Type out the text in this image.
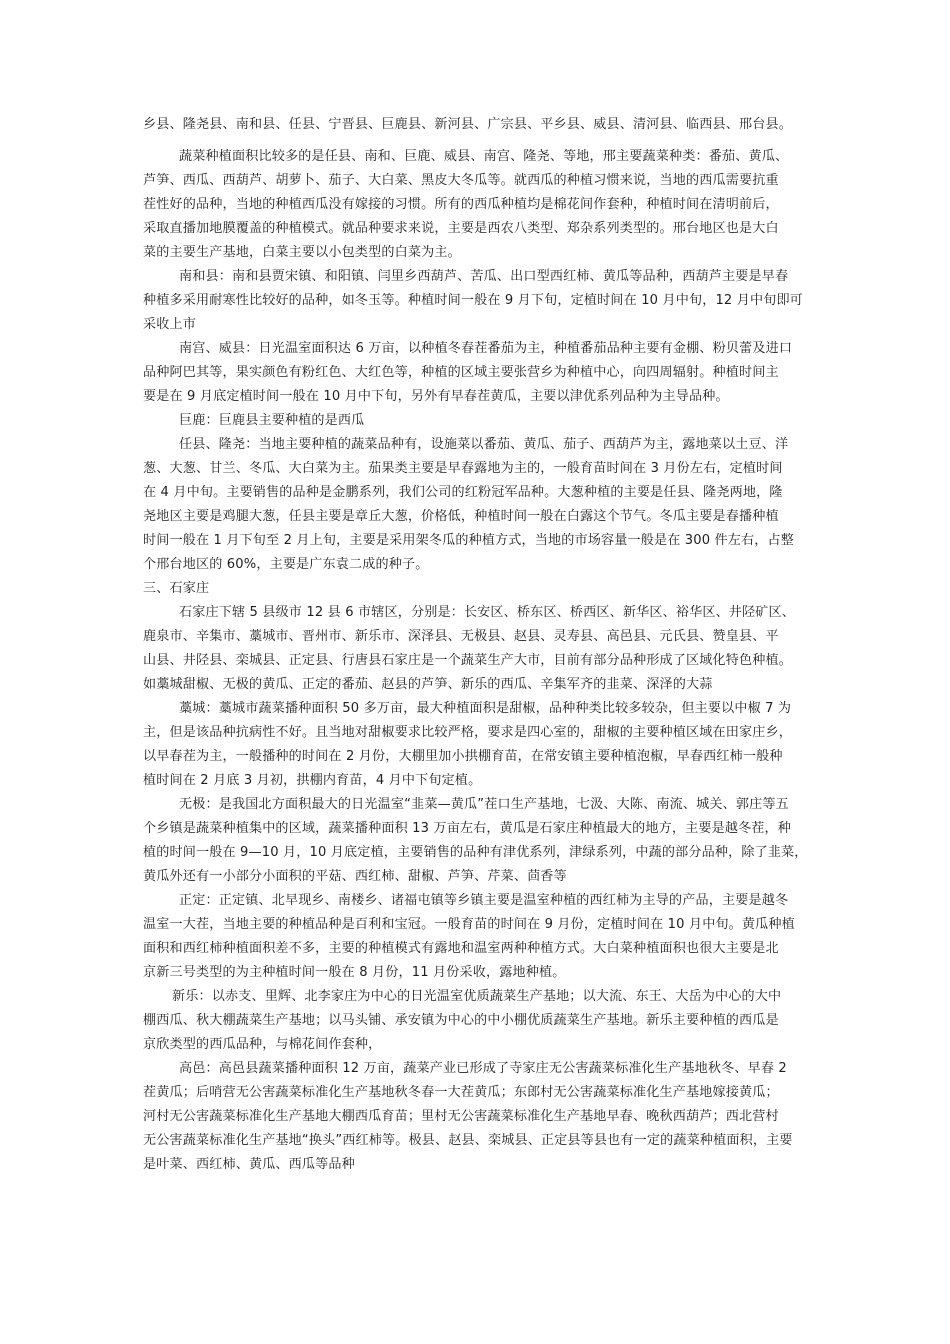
乡县、隆尧县、南和县、任县、宁晋县、巨鹿县、新河县、广宗县、平乡县、威县、清河县、临西县、邢台县。
蔬菜种植面积比较多的是任县、南和、巨鹿、威县、南宫、隆尧、等地，邢主要蔬菜种类：番茄、黄瓜、
芦笋、西瓜、西葫芦、胡萝卜、茄子、大白菜、黑皮大冬瓜等。就西瓜的种植习惯来说，当地的西瓜需要抗重
茬性好的品种，当地的种植西瓜没有嫁接的习惯。所有的西瓜种植均是棉花间作套种，种植时间在清明前后，
采取直播加地膜覆盖的种植模式。就品种要求来说，主要是西农八类型、郑杂系列类型的。邢台地区也是大白
菜的主要生产基地，白菜主要以小包类型的白菜为主。
南和县：南和县贾宋镇、和阳镇、闫里乡西葫芦、苦瓜、出口型西红柿、黄瓜等品种，西葫芦主要是早春
种植多采用耐寒性比较好的品种，如冬玉等。种植时间一般在 9 月下旬，定植时间在 10 月中旬，12 月中旬即可
采收上市
南宫、威县：日光温室面积达 6 万亩，以种植冬春茬番茄为主，种植番茄品种主要有金棚、粉贝蕾及进口
品种阿巴其等，果实颜色有粉红色、大红色等，种植的区域主要张营乡为种植中心，向四周辐射。种植时间主
要是在 9 月底定植时间一般在 10 月中下旬，另外有早春茬黄瓜，主要以津优系列品种为主导品种。
巨鹿：巨鹿县主要种植的是西瓜
任县、隆尧：当地主要种植的蔬菜品种有，设施菜以番茄、黄瓜、茄子、西葫芦为主，露地菜以土豆、洋
葱、大葱、甘兰、冬瓜、大白菜为主。茄果类主要是早春露地为主的，一般育苗时间在 3 月份左右，定植时间
在 4 月中旬。主要销售的品种是金鹏系列，我们公司的红粉冠军品种。大葱种植的主要是任县、隆尧两地，隆
尧地区主要是鸡腿大葱，任县主要是章丘大葱，价格低，种植时间一般在白露这个节气。冬瓜主要是春播种植
时间一般在 1 月下旬至 2 月上旬，主要是采用架冬瓜的种植方式，当地的市场容量一般是在 300 件左右，占整
个邢台地区的 60%，主要是广东袁二成的种子。
三、石家庄
石家庄下辖 5 县级市 12 县 6 市辖区，分别是：长安区、桥东区、桥西区、新华区、裕华区、井陉矿区、
鹿泉市、辛集市、藁城市、晋州市、新乐市、深泽县、无极县、赵县、灵寿县、高邑县、元氏县、赞皇县、平
山县、井陉县、栾城县、正定县、行唐县石家庄是一个蔬菜生产大市，目前有部分品种形成了区域化特色种植。
如藁城甜椒、无极的黄瓜、正定的番茄、赵县的芦笋、新乐的西瓜、辛集军齐的韭菜、深泽的大蒜
藁城：藁城市蔬菜播种面积 50 多万亩，最大种植面积是甜椒，品种种类比较多较杂，但主要以中椒 7 为
主，但是该品种抗病性不好。且当地对甜椒要求比较严格，要求是四心室的，甜椒的主要种植区域在田家庄乡，
以早春茬为主，一般播种的时间在 2 月份，大棚里加小拱棚育苗，在常安镇主要种植泡椒，早春西红柿一般种
植时间在 2 月底 3 月初，拱棚内育苗，4 月中下旬定植。
无极：是我国北方面积最大的日光温室“韭菜—黄瓜”茬口生产基地，七汲、大陈、南流、城关、郭庄等五
个乡镇是蔬菜种植集中的区域，蔬菜播种面积 13 万亩左右，黄瓜是石家庄种植最大的地方，主要是越冬茬，种
植的时间一般在 9—10 月，10 月底定植，主要销售的品种有津优系列，津绿系列，中蔬的部分品种，除了韭菜，
黄瓜外还有一小部分小面积的平菇、西红柿、甜椒、芦笋、芹菜、茴香等
正定：正定镇、北早现乡、南楼乡、诸福屯镇等乡镇主要是温室种植的西红柿为主导的产品，主要是越冬
温室一大茬，当地主要的种植品种是百利和宝冠。一般育苗的时间在 9 月份，定植时间在 10 月中旬。黄瓜种植
面积和西红柿种植面积差不多，主要的种植模式有露地和温室两种种植方式。大白菜种植面积也很大主要是北
京新三号类型的为主种植时间一般在 8 月份，11 月份采收，露地种植。
新乐：以赤支、里辉、北李家庄为中心的日光温室优质蔬菜生产基地；以大流、东王、大岳为中心的大中
棚西瓜、秋大棚蔬菜生产基地；以马头铺、承安镇为中心的中小棚优质蔬菜生产基地。新乐主要种植的西瓜是
京欣类型的西瓜品种，与棉花间作套种，
高邑：高邑县蔬菜播种面积 12 万亩，蔬菜产业已形成了寺家庄无公害蔬菜标准化生产基地秋冬、早春 2
茬黄瓜；后哨营无公害蔬菜标准化生产基地秋冬春一大茬黄瓜；东郎村无公害蔬菜标准化生产基地嫁接黄瓜；
河村无公害蔬菜标准化生产基地大棚西瓜育苗；里村无公害蔬菜标准化生产基地早春、晚秋西葫芦；西北营村
无公害蔬菜标准化生产基地“换头”西红柿等。极县、赵县、栾城县、正定县等县也有一定的蔬菜种植面积，主要
是叶菜、西红柿、黄瓜、西瓜等品种
